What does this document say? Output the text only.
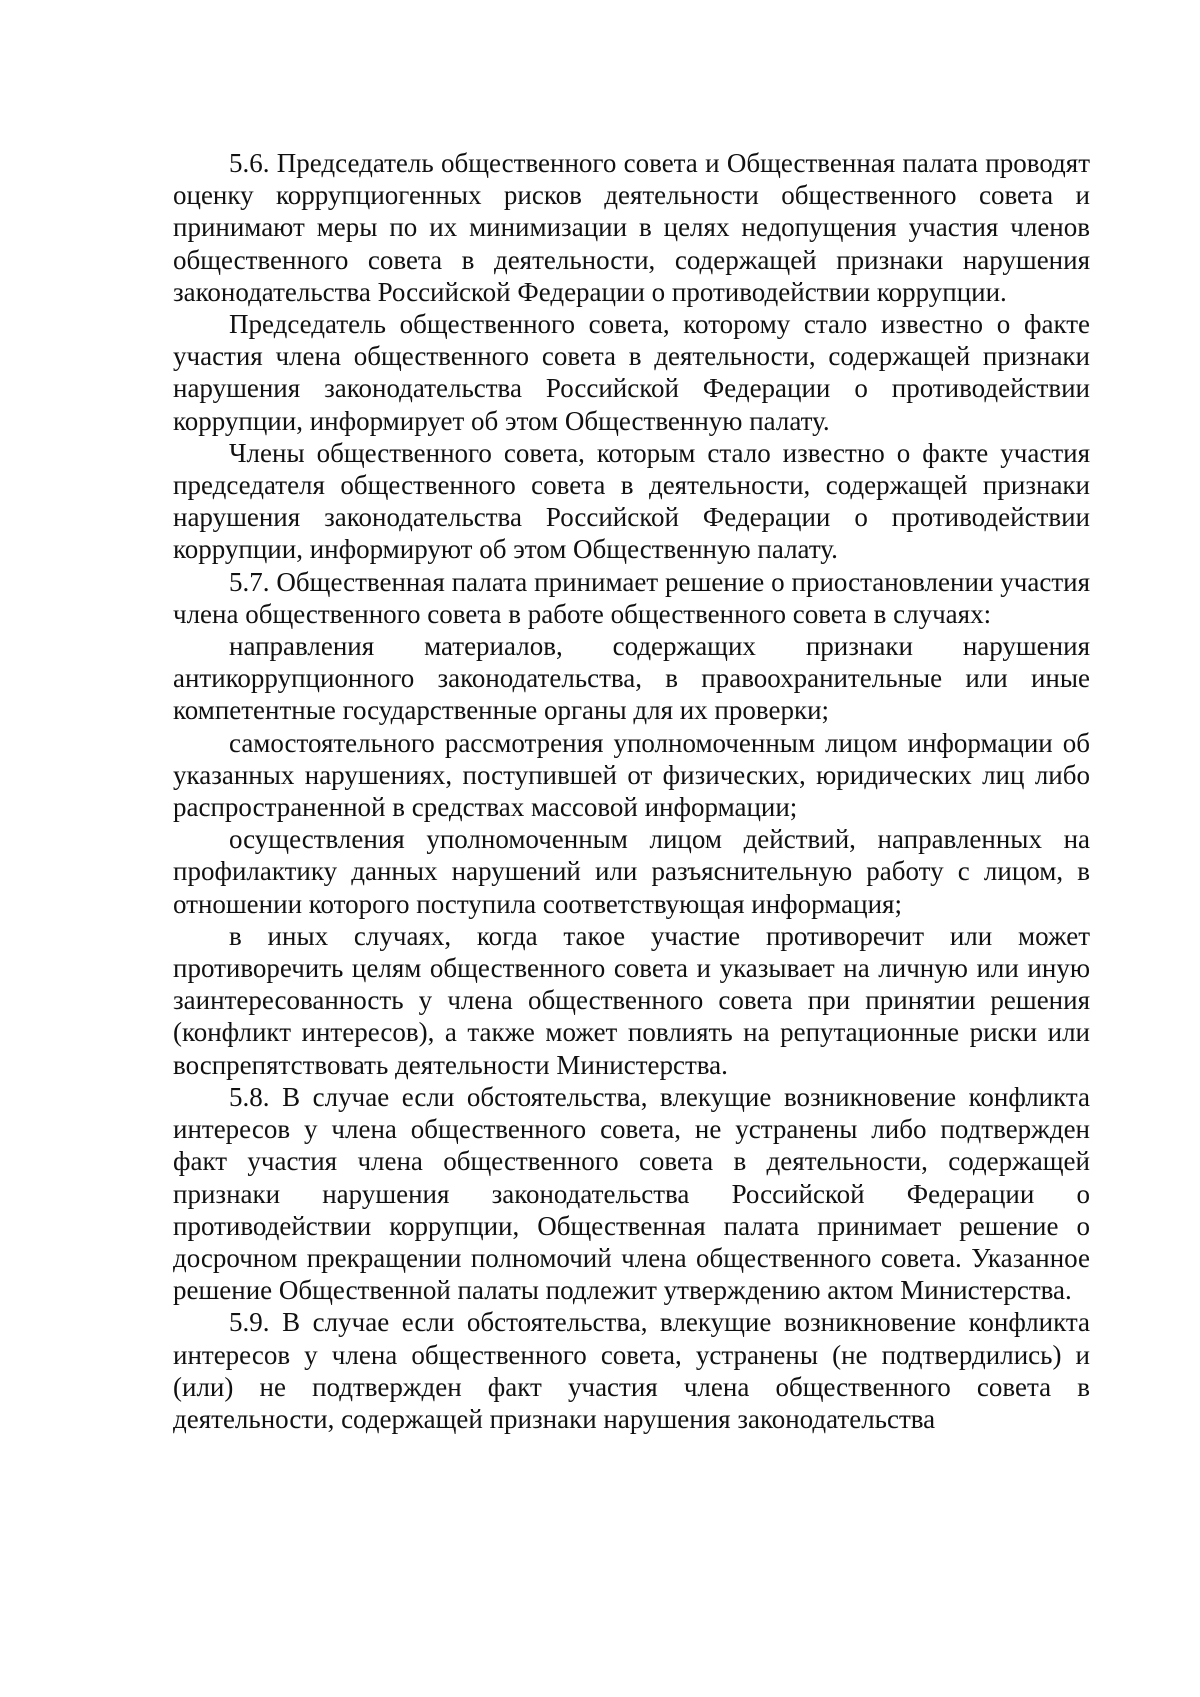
5.6. Председатель общественного совета и Общественная палата проводят оценку коррупциогенных рисков деятельности общественного совета и принимают меры по их минимизации в целях недопущения участия членов общественного совета в деятельности, содержащей признаки нарушения законодательства Российской Федерации о противодействии коррупции.

Председатель общественного совета, которому стало известно о факте участия члена общественного совета в деятельности, содержащей признаки нарушения законодательства Российской Федерации о противодействии коррупции, информирует об этом Общественную палату.

Члены общественного совета, которым стало известно о факте участия председателя общественного совета в деятельности, содержащей признаки нарушения законодательства Российской Федерации о противодействии коррупции, информируют об этом Общественную палату.

5.7. Общественная палата принимает решение о приостановлении участия члена общественного совета в работе общественного совета в случаях:

направления материалов, содержащих признаки нарушения антикоррупционного законодательства, в правоохранительные или иные компетентные государственные органы для их проверки;

самостоятельного рассмотрения уполномоченным лицом информации об указанных нарушениях, поступившей от физических, юридических лиц либо распространенной в средствах массовой информации;

осуществления уполномоченным лицом действий, направленных на профилактику данных нарушений или разъяснительную работу с лицом, в отношении которого поступила соответствующая информация;

в иных случаях, когда такое участие противоречит или может противоречить целям общественного совета и указывает на личную или иную заинтересованность у члена общественного совета при принятии решения (конфликт интересов), а также может повлиять на репутационные риски или воспрепятствовать деятельности Министерства.

5.8. В случае если обстоятельства, влекущие возникновение конфликта интересов у члена общественного совета, не устранены либо подтвержден факт участия члена общественного совета в деятельности, содержащей признаки нарушения законодательства Российской Федерации о противодействии коррупции, Общественная палата принимает решение о досрочном прекращении полномочий члена общественного совета. Указанное решение Общественной палаты подлежит утверждению актом Министерства.

5.9. В случае если обстоятельства, влекущие возникновение конфликта интересов у члена общественного совета, устранены (не подтвердились) и (или) не подтвержден факт участия члена общественного совета в деятельности, содержащей признаки нарушения законодательства
